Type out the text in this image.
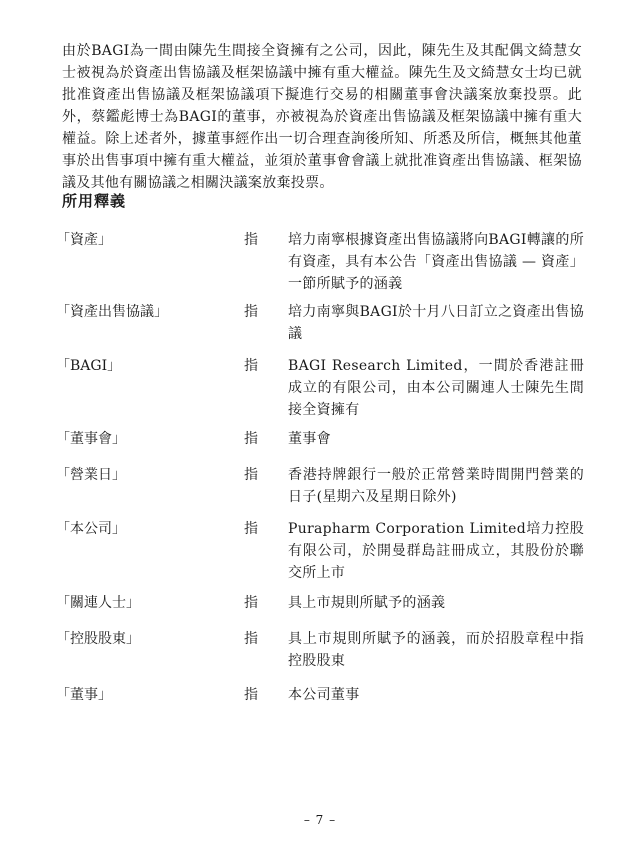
由於BAGI為一間由陳先生間接全資擁有之公司，因此，陳先生及其配偶文綺慧女士被視為於資產出售協議及框架協議中擁有重大權益。陳先生及文綺慧女士均已就批准資產出售協議及框架協議項下擬進行交易的相關董事會決議案放棄投票。此外，蔡鑑彪博士為BAGI的董事，亦被視為於資產出售協議及框架協議中擁有重大權益。除上述者外，據董事經作出一切合理查詢後所知、所悉及所信，概無其他董事於出售事項中擁有重大權益，並須於董事會會議上就批准資產出售協議、框架協議及其他有關協議之相關決議案放棄投票。

所用釋義
「資產」	指 培力南寧根據資產出售協議將向BAGI轉讓的所有資產，具有本公告「資產出售協議 — 資產」一節所賦予的涵義
「資產出售協議」	指 培力南寧與BAGI於十月八日訂立之資產出售協議
「BAGI」	指 BAGI Research Limited，一間於香港註冊成立的有限公司，由本公司關連人士陳先生間接全資擁有
「董事會」	指 董事會
「營業日」	指 香港持牌銀行一般於正常營業時間開門營業的日子(星期六及星期日除外)
「本公司」	指 Purapharm Corporation Limited培力控股有限公司，於開曼群島註冊成立，其股份於聯交所上市
「關連人士」	指 具上市規則所賦予的涵義
「控股股東」	指 具上市規則所賦予的涵義，而於招股章程中指控股股東
「董事」	指 本公司董事
– 7 –
